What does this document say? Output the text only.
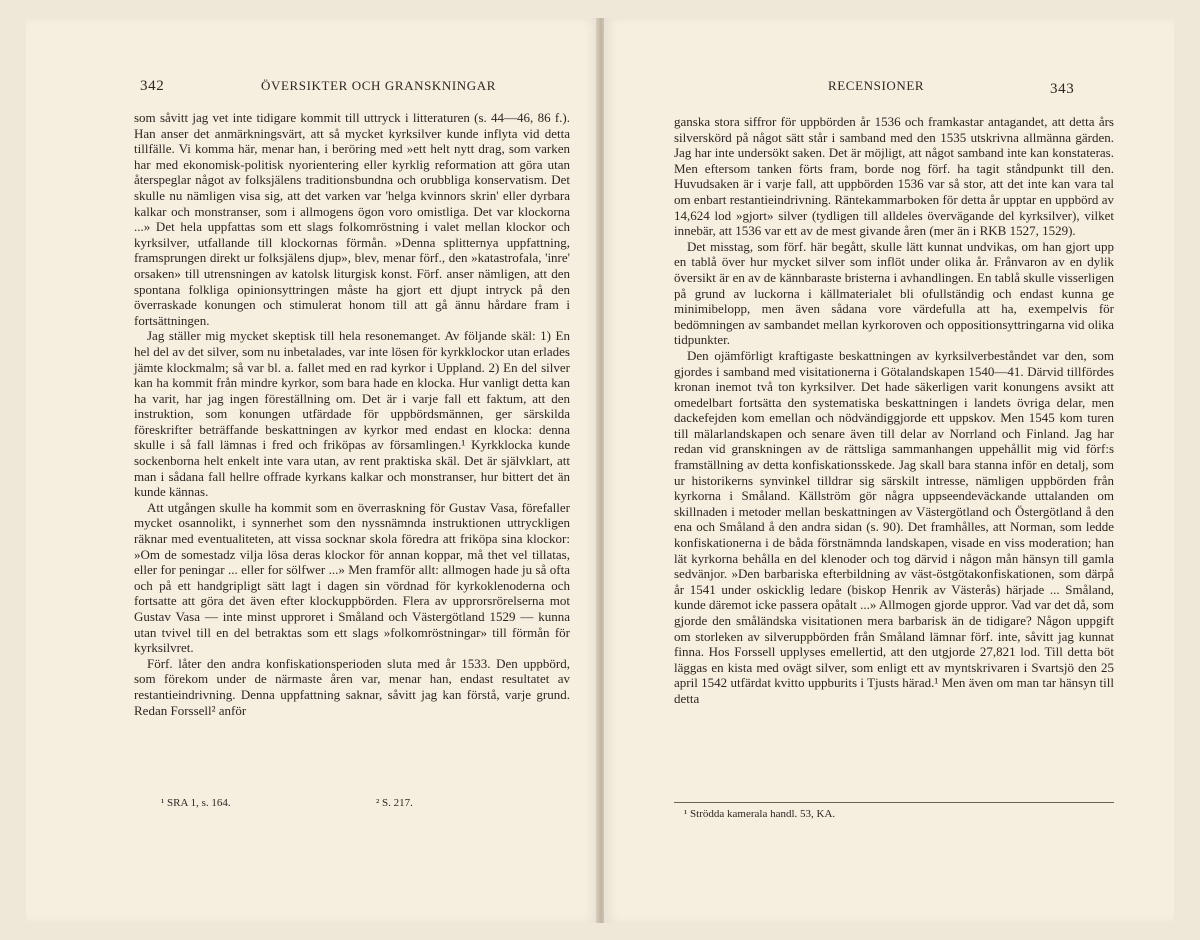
342	ÖVERSIKTER OCH GRANSKNINGAR

som såvitt jag vet inte tidigare kommit till uttryck i litteraturen (s. 44—46, 86 f.). Han anser det anmärkningsvärt, att så mycket kyrksilver kunde inflyta vid detta tillfälle. Vi komma här, menar han, i beröring med »ett helt nytt drag, som varken har med ekonomisk-politisk nyorientering eller kyrklig reformation att göra utan återspeglar något av folksjälens traditionsbundna och orubbliga konservatism. Det skulle nu nämligen visa sig, att det varken var 'helga kvinnors skrin' eller dyrbara kalkar och monstranser, som i allmogens ögon voro omistliga. Det var klockorna ...» Det hela uppfattas som ett slags folkomröstning i valet mellan klockor och kyrksilver, utfallande till klockornas förmån. »Denna splitternya uppfattning, framsprungen direkt ur folksjälens djup», blev, menar förf., den »katastrofala, 'inre' orsaken» till utrensningen av katolsk liturgisk konst. Förf. anser nämligen, att den spontana folkliga opinionsyttringen måste ha gjort ett djupt intryck på den överraskade konungen och stimulerat honom till att gå ännu hårdare fram i fortsättningen.

Jag ställer mig mycket skeptisk till hela resonemanget. Av följande skäl: 1) En hel del av det silver, som nu inbetalades, var inte lösen för kyrkklockor utan erlades jämte klockmalm; så var bl. a. fallet med en rad kyrkor i Uppland. 2) En del silver kan ha kommit från mindre kyrkor, som bara hade en klocka. Hur vanligt detta kan ha varit, har jag ingen föreställning om. Det är i varje fall ett faktum, att den instruktion, som konungen utfärdade för uppbördsmännen, ger särskilda föreskrifter beträffande beskattningen av kyrkor med endast en klocka: denna skulle i så fall lämnas i fred och friköpas av församlingen.¹ Kyrkklocka kunde sockenborna helt enkelt inte vara utan, av rent praktiska skäl. Det är självklart, att man i sådana fall hellre offrade kyrkans kalkar och monstranser, hur bittert det än kunde kännas.

Att utgången skulle ha kommit som en överraskning för Gustav Vasa, förefaller mycket osannolikt, i synnerhet som den nyssnämnda instruktionen uttryckligen räknar med eventualiteten, att vissa socknar skola föredra att friköpa sina klockor: »Om de somestadz vilja lösa deras klockor för annan koppar, må thet vel tillatas, eller for peningar ... eller for sölfwer ...» Men framför allt: allmogen hade ju så ofta och på ett handgripligt sätt lagt i dagen sin vördnad för kyrkoklenoderna och fortsatte att göra det även efter klockuppbörden. Flera av upprorsrörelserna mot Gustav Vasa — inte minst upproret i Småland och Västergötland 1529 — kunna utan tvivel till en del betraktas som ett slags »folkomröstningar» till förmån för kyrksilvret.

Förf. låter den andra konfiskationsperioden sluta med år 1533. Den uppbörd, som förekom under de närmaste åren var, menar han, endast resultatet av restantieindrivning. Denna uppfattning saknar, såvitt jag kan förstå, varje grund. Redan Forssell² anför

¹ SRA 1, s. 164.	² S. 217.
RECENSIONER	343

ganska stora siffror för uppbörden år 1536 och framkastar antagandet, att detta års silverskörd på något sätt står i samband med den 1535 utskrivna allmänna gärden. Jag har inte undersökt saken. Det är möjligt, att något samband inte kan konstateras. Men eftersom tanken förts fram, borde nog förf. ha tagit ståndpunkt till den. Huvudsaken är i varje fall, att uppbörden 1536 var så stor, att det inte kan vara tal om enbart restantieindrivning. Räntekammarboken för detta år upptar en uppbörd av 14,624 lod »gjort» silver (tydligen till alldeles övervägande del kyrksilver), vilket innebär, att 1536 var ett av de mest givande åren (mer än i RKB 1527, 1529).

Det misstag, som förf. här begått, skulle lätt kunnat undvikas, om han gjort upp en tablå över hur mycket silver som inflöt under olika år. Frånvaron av en dylik översikt är en av de kännbaraste bristerna i avhandlingen. En tablå skulle visserligen på grund av luckorna i källmaterialet bli ofullständig och endast kunna ge minimibelopp, men även sådana vore värdefulla att ha, exempelvis för bedömningen av sambandet mellan kyrkoroven och oppositionsyttringarna vid olika tidpunkter.

Den ojämförligt kraftigaste beskattningen av kyrksilverbeståndet var den, som gjordes i samband med visitationerna i Götalandskapen 1540—41. Därvid tillfördes kronan inemot två ton kyrksilver. Det hade säkerligen varit konungens avsikt att omedelbart fortsätta den systematiska beskattningen i landets övriga delar, men dackefejden kom emellan och nödvändiggjorde ett uppskov. Men 1545 kom turen till mälarlandskapen och senare även till delar av Norrland och Finland. Jag har redan vid granskningen av de rättsliga sammanhangen uppehållit mig vid förf:s framställning av detta konfiskationsskede. Jag skall bara stanna inför en detalj, som ur historikerns synvinkel tilldrar sig särskilt intresse, nämligen uppbörden från kyrkorna i Småland. Källström gör några uppseendeväckande uttalanden om skillnaden i metoder mellan beskattningen av Västergötland och Östergötland å den ena och Småland å den andra sidan (s. 90). Det framhålles, att Norman, som ledde konfiskationerna i de båda förstnämnda landskapen, visade en viss moderation; han lät kyrkorna behålla en del klenoder och tog därvid i någon mån hänsyn till gamla sedvänjor. »Den barbariska efterbildning av väst-östgötakonfiskationen, som därpå år 1541 under oskicklig ledare (biskop Henrik av Västerås) härjade ... Småland, kunde däremot icke passera opåtalt ...» Allmogen gjorde uppror. Vad var det då, som gjorde den småländska visitationen mera barbarisk än de tidigare? Någon uppgift om storleken av silveruppbörden från Småland lämnar förf. inte, såvitt jag kunnat finna. Hos Forssell upplyses emellertid, att den utgjorde 27,821 lod. Till detta böt läggas en kista med ovägt silver, som enligt ett av myntskrivaren i Svartsjö den 25 april 1542 utfärdat kvitto uppburits i Tjusts härad.¹ Men även om man tar hänsyn till detta

¹ Strödda kamerala handl. 53, KA.
